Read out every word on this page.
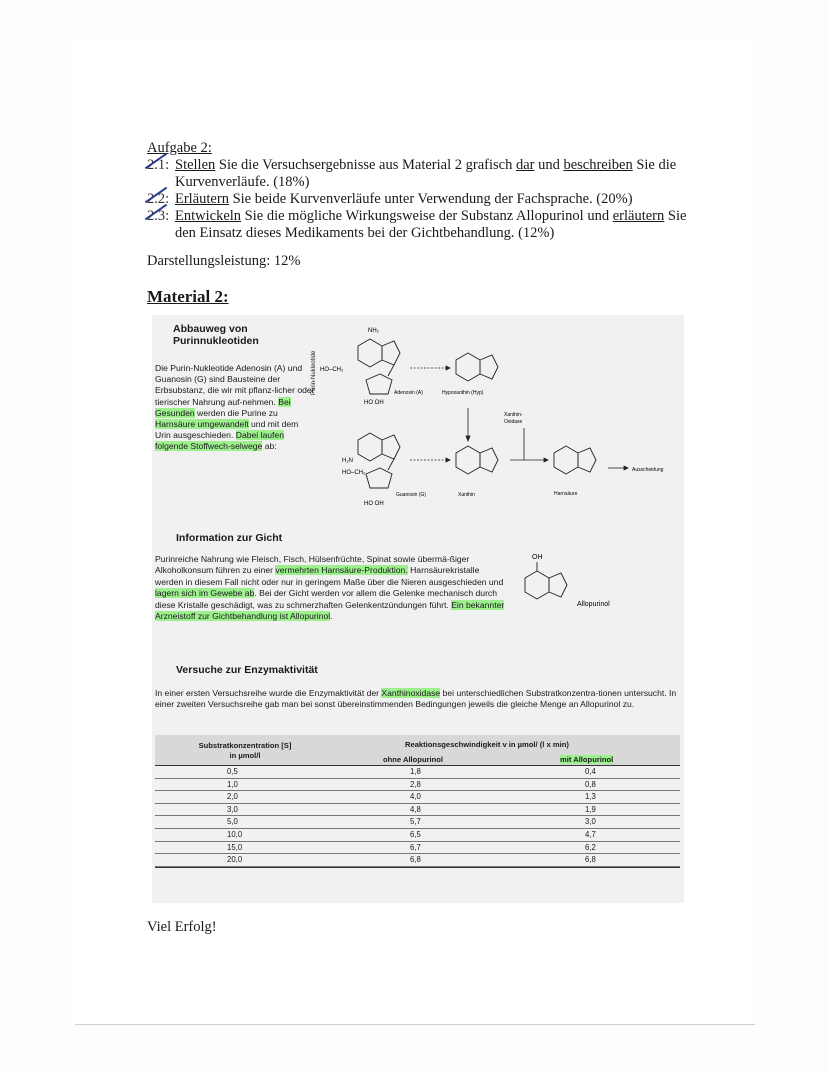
Aufgabe 2:
2.1: Stellen Sie die Versuchsergebnisse aus Material 2 grafisch dar und beschreiben Sie die
Kurvenverläufe. (18%)
2.2: Erläutern Sie beide Kurvenverläufe unter Verwendung der Fachsprache. (20%)
2.3: Entwickeln Sie die mögliche Wirkungsweise der Substanz Allopurinol und erläutern Sie
den Einsatz dieses Medikaments bei der Gichtbehandlung. (12%)
Darstellungsleistung: 12%
Material 2:
Abbauweg von
Purinnukleotiden
Die Purin-Nukleotide Adenosin (A) und Guanosin (G) sind Bausteine der Erbsubstanz, die wir mit pflanz-licher oder tierischer Nahrung auf-nehmen. Bei Gesunden werden die Purine zu Harnsäure umgewandelt und mit dem Urin ausgeschieden. Dabei laufen folgende Stoffwech-selwege ab:
Purin-Nukleotide
NH₂
HO–CH₂
HO OH
Adenosin (A)	Hypoxanthin (Hyp)
Xanthin-
Oxidase
H₂N
HO–CH₂
HO OH
Guanosin (G)	Xanthin	Harnsäure
Ausscheidung
Information zur Gicht
Purinreiche Nahrung wie Fleisch, Fisch, Hülsenfrüchte, Spinat sowie übermä-ßiger Alkoholkonsum führen zu einer vermehrten Harnsäure-Produktion. Harnsäurekristalle werden in diesem Fall nicht oder nur in geringem Maße über die Nieren ausgeschieden und lagern sich im Gewebe ab. Bei der Gicht werden vor allem die Gelenke mechanisch durch diese Kristalle geschädigt, was zu schmerzhaften Gelenkentzündungen führt. Ein bekannter Arzneistoff zur Gichtbehandlung ist Allopurinol.
OH
Allopurinol
Versuche zur Enzymaktivität
In einer ersten Versuchsreihe wurde die Enzymaktivität der Xanthinoxidase bei unterschiedlichen Substratkonzentra-tionen untersucht. In einer zweiten Versuchsreihe gab man bei sonst übereinstimmenden Bedingungen jeweils die gleiche Menge an Allopurinol zu.
Substratkonzentration [S]
in µmol/l
Reaktionsgeschwindigkeit v in µmol/ (l x min)
ohne Allopurinol	mit Allopurinol
0,5	1,8	0,4
1,0	2,8	0,8
2,0	4,0	1,3
3,0	4,8	1,9
5,0	5,7	3,0
10,0	6,5	4,7
15,0	6,7	6,2
20,0	6,8	6,8
Viel Erfolg!
